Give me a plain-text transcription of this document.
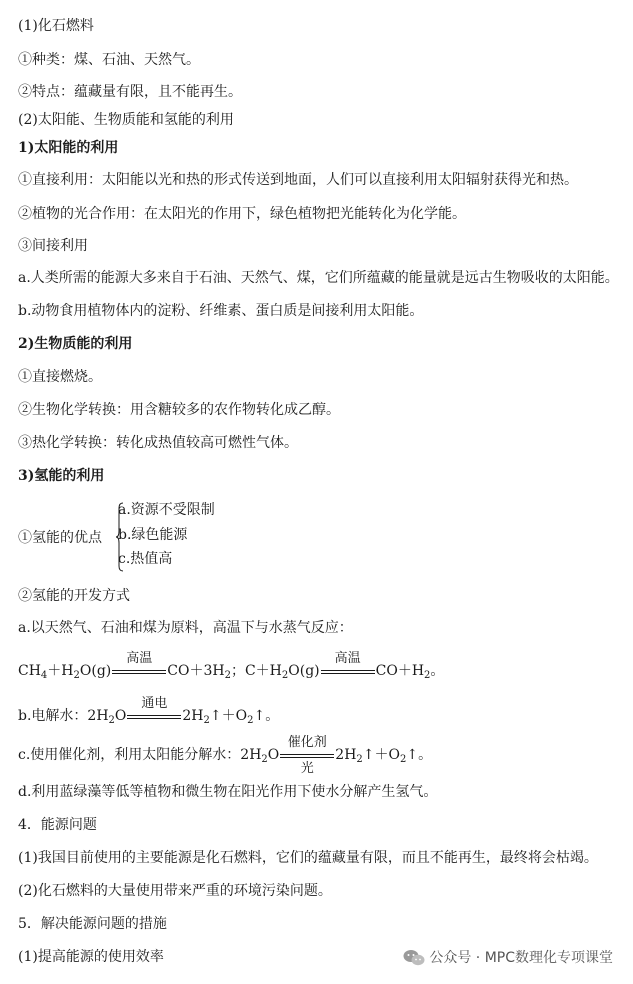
(1)化石燃料
①种类：煤、石油、天然气。
②特点：蕴藏量有限，且不能再生。
(2)太阳能、生物质能和氢能的利用
1)太阳能的利用
①直接利用：太阳能以光和热的形式传送到地面，人们可以直接利用太阳辐射获得光和热。
②植物的光合作用：在太阳光的作用下，绿色植物把光能转化为化学能。
③间接利用
a.人类所需的能源大多来自于石油、天然气、煤，它们所蕴藏的能量就是远古生物吸收的太阳能。
b.动物食用植物体内的淀粉、纤维素、蛋白质是间接利用太阳能。
2)生物质能的利用
①直接燃烧。
②生物化学转换：用含糖较多的农作物转化成乙醇。
③热化学转换：转化成热值较高可燃性气体。
3)氢能的利用
①氢能的优点
a.资源不受限制
b.绿色能源
c.热值高
②氢能的开发方式
a.以天然气、石油和煤为原料，高温下与水蒸气反应：
$CH_4+H_2O(g)$
高温
$CO+3H_2$；$C+H_2O(g)$
高温
$CO+H_2$。
b.电解水：$2H_2O$
通电
$2H_2↑+O_2↑$。
c.使用催化剂，利用太阳能分解水：$2H_2O$
催化剂
光
$2H_2↑+O_2↑$。
d.利用蓝绿藻等低等植物和微生物在阳光作用下使水分解产生氢气。
4．能源问题
(1)我国目前使用的主要能源是化石燃料，它们的蕴藏量有限，而且不能再生，最终将会枯竭。
(2)化石燃料的大量使用带来严重的环境污染问题。
5．解决能源问题的措施
(1)提高能源的使用效率	公众号 · MPC数理化专项课堂
